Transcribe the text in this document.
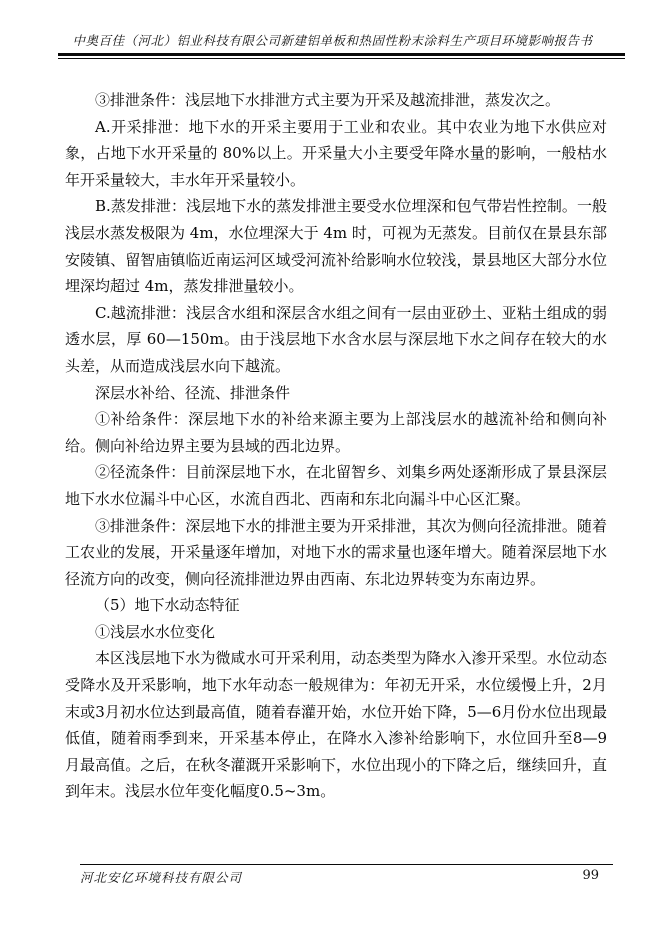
中奥百佳（河北）铝业科技有限公司新建铝单板和热固性粉末涂料生产项目环境影响报告书

③排泄条件：浅层地下水排泄方式主要为开采及越流排泄，蒸发次之。

A.开采排泄：地下水的开采主要用于工业和农业。其中农业为地下水供应对象，占地下水开采量的 80%以上。开采量大小主要受年降水量的影响，一般枯水年开采量较大，丰水年开采量较小。

B.蒸发排泄：浅层地下水的蒸发排泄主要受水位埋深和包气带岩性控制。一般浅层水蒸发极限为 4m，水位埋深大于 4m 时，可视为无蒸发。目前仅在景县东部安陵镇、留智庙镇临近南运河区域受河流补给影响水位较浅，景县地区大部分水位埋深均超过 4m，蒸发排泄量较小。

C.越流排泄：浅层含水组和深层含水组之间有一层由亚砂土、亚粘土组成的弱透水层，厚 60—150m。由于浅层地下水含水层与深层地下水之间存在较大的水头差，从而造成浅层水向下越流。

深层水补给、径流、排泄条件

①补给条件：深层地下水的补给来源主要为上部浅层水的越流补给和侧向补给。侧向补给边界主要为县域的西北边界。

②径流条件：目前深层地下水，在北留智乡、刘集乡两处逐渐形成了景县深层地下水水位漏斗中心区，水流自西北、西南和东北向漏斗中心区汇聚。

③排泄条件：深层地下水的排泄主要为开采排泄，其次为侧向径流排泄。随着工农业的发展，开采量逐年增加，对地下水的需求量也逐年增大。随着深层地下水径流方向的改变，侧向径流排泄边界由西南、东北边界转变为东南边界。

（5）地下水动态特征

①浅层水水位变化

本区浅层地下水为微咸水可开采利用，动态类型为降水入渗开采型。水位动态受降水及开采影响，地下水年动态一般规律为：年初无开采，水位缓慢上升，2月末或3月初水位达到最高值，随着春灌开始，水位开始下降，5—6月份水位出现最低值，随着雨季到来，开采基本停止，在降水入渗补给影响下，水位回升至8—9月最高值。之后，在秋冬灌溉开采影响下，水位出现小的下降之后，继续回升，直到年末。浅层水位年变化幅度0.5~3m。

河北安亿环境科技有限公司	99
